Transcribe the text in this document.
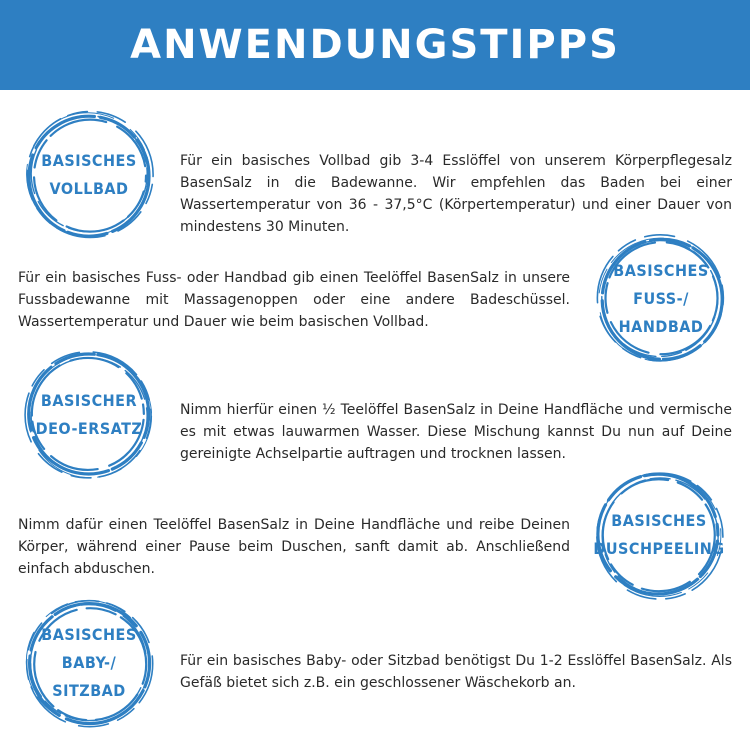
ANWENDUNGSTIPPS
BASISCHES
VOLLBAD

Für ein basisches Vollbad gib 3-4 Esslöffel von unserem Körperpflegesalz BasenSalz in die Badewanne. Wir empfehlen das Baden bei einer Wassertemperatur von 36 - 37,5°C (Körpertemperatur) und einer Dauer von mindestens 30 Minuten.

BASISCHES
FUSS-/
HANDBAD

Für ein basisches Fuss- oder Handbad gib einen Teelöffel BasenSalz in unsere Fussbadewanne mit Massagenoppen oder eine andere Badeschüssel. Wassertemperatur und Dauer wie beim basischen Vollbad.

BASISCHER
DEO-ERSATZ

Nimm hierfür einen ½ Teelöffel BasenSalz in Deine Handfläche und vermische es mit etwas lauwarmen Wasser. Diese Mischung kannst Du nun auf Deine gereinigte Achselpartie auftragen und trocknen lassen.

BASISCHES
DUSCHPEELING

Nimm dafür einen Teelöffel BasenSalz in Deine Handfläche und reibe Deinen Körper, während einer Pause beim Duschen, sanft damit ab. Anschließend einfach abduschen.

BASISCHES
BABY-/
SITZBAD

Für ein basisches Baby- oder Sitzbad benötigst Du 1-2 Esslöffel BasenSalz. Als Gefäß bietet sich z.B. ein geschlossener Wäschekorb an.
